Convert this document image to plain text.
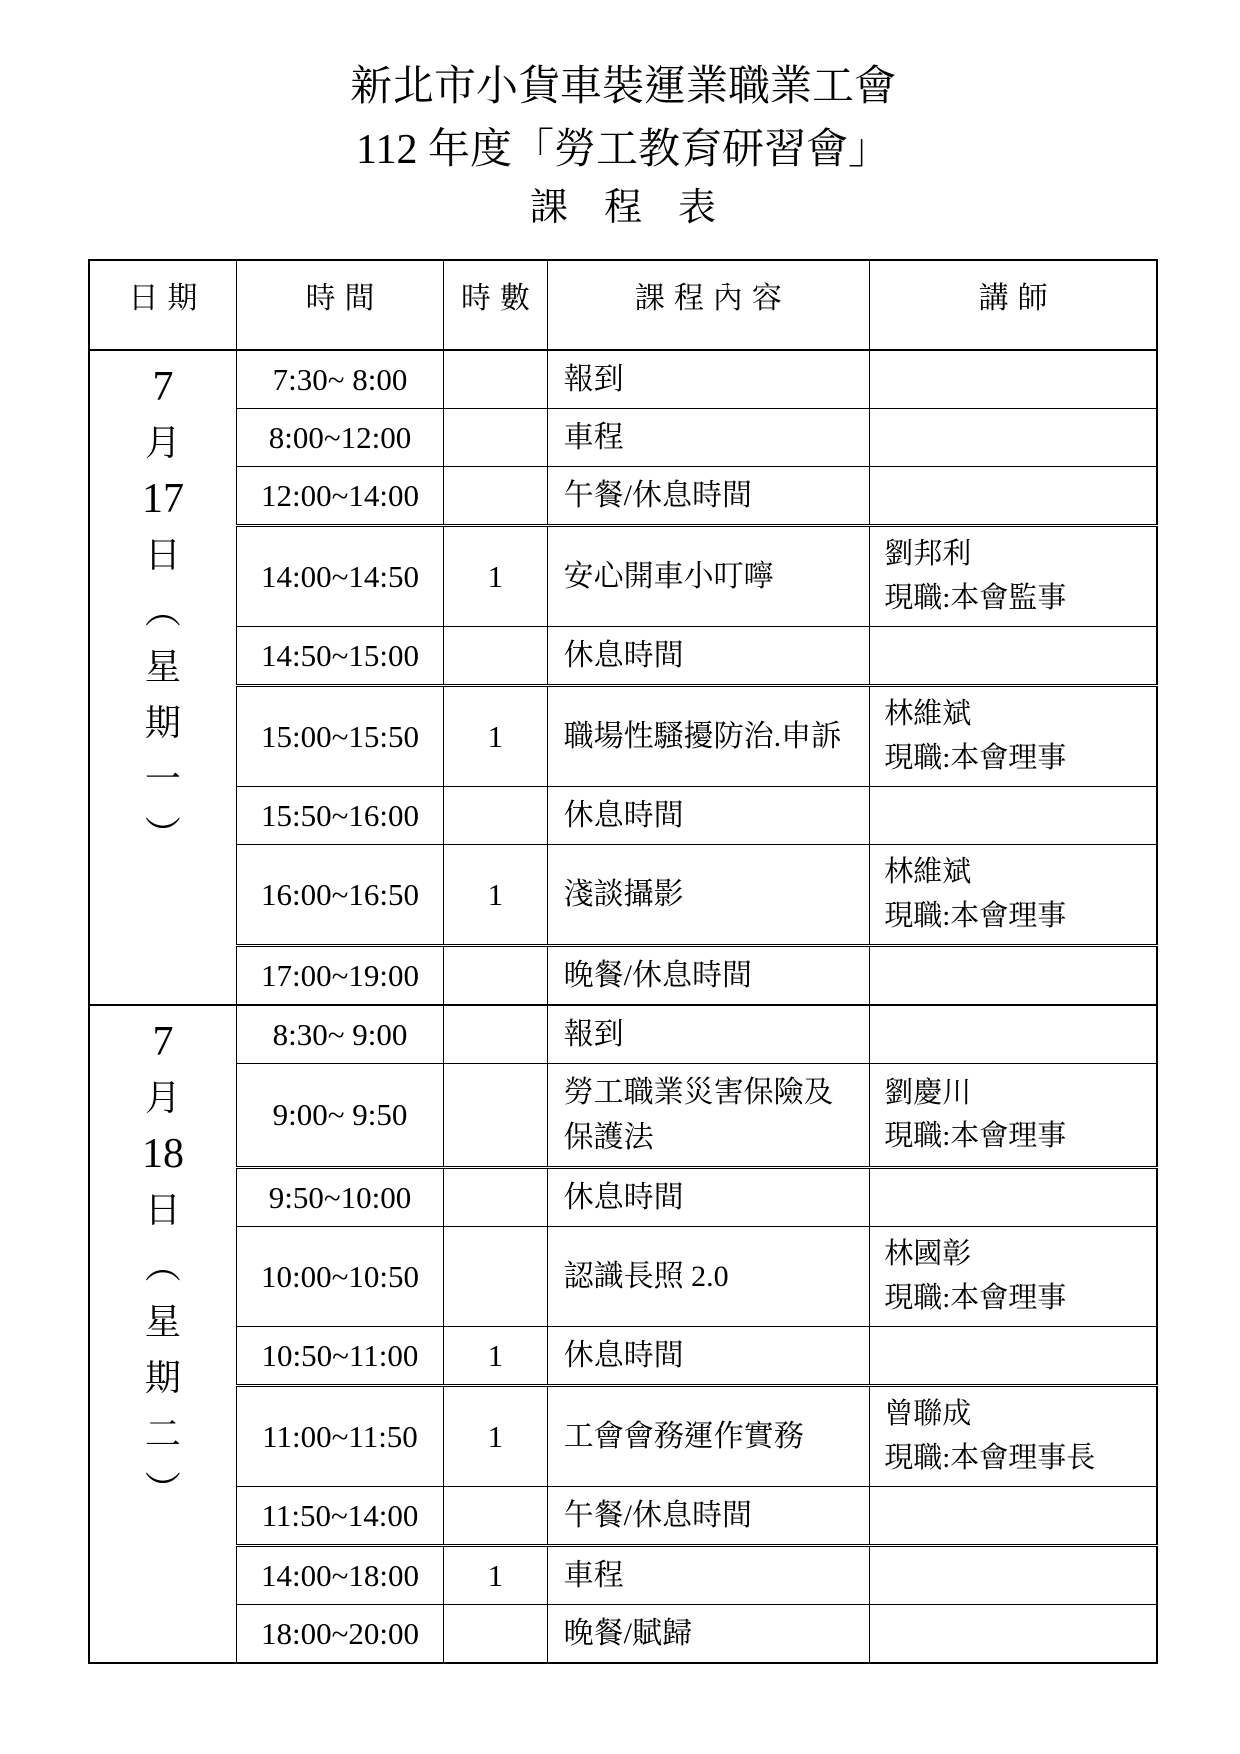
新北市小貨車裝運業職業工會
112 年度「勞工教育研習會」
課程表
日期	時間	時數	課程內容	講師

7
月
17
日
︵
星
期
一
︶
	7:30~ 8:00		報到	
	8:00~12:00		車程	
	12:00~14:00		午餐/休息時間	
	14:00~14:50	1	安心開車小叮嚀	劉邦利
現職:本會監事

	14:50~15:00		休息時間	
	15:00~15:50	1	職場性騷擾防治.申訴	林維斌
現職:本會理事

	15:50~16:00		休息時間	
	16:00~16:50	1	淺談攝影	林維斌
現職:本會理事

	17:00~19:00		晚餐/休息時間	

7
月
18
日
︵
星
期
二
︶
	8:30~ 9:00		報到	
	9:00~ 9:50		勞工職業災害保險及保護法	劉慶川
現職:本會理事

	9:50~10:00		休息時間	
	10:00~10:50		認識長照 2.0	林國彰
現職:本會理事

	10:50~11:00	1	休息時間	
	11:00~11:50	1	工會會務運作實務	曾聯成
現職:本會理事長

	11:50~14:00		午餐/休息時間	
	14:00~18:00	1	車程	
	18:00~20:00		晚餐/賦歸	
